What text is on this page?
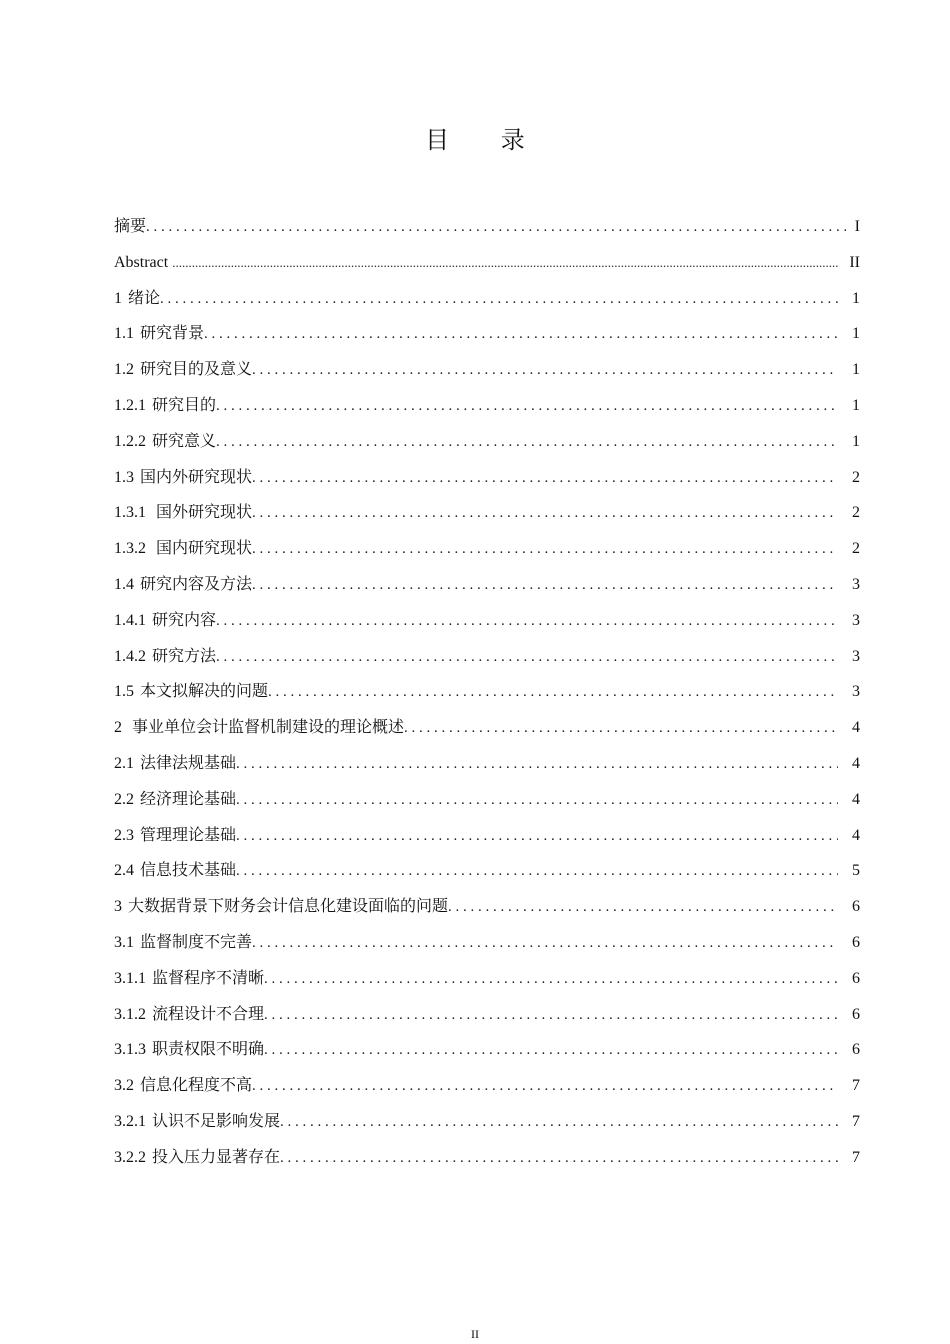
目 录
摘要 . . .	I
Abstract .....	II
1 绪论 . . .	1
1.1 研究背景 . . .	1
1.2 研究目的及意义 . . .	1
1.2.1 研究目的 . . .	1
1.2.2 研究意义 . . .	1
1.3 国内外研究现状 . . .	2
1.3.1 国外研究现状 . . .	2
1.3.2 国内研究现状 . . .	2
1.4 研究内容及方法 . . .	3
1.4.1 研究内容 . . .	3
1.4.2 研究方法 . . .	3
1.5 本文拟解决的问题 . . .	3
2 事业单位会计监督机制建设的理论概述 . . .	4
2.1 法律法规基础 . . .	4
2.2 经济理论基础 . . .	4
2.3 管理理论基础 . . .	4
2.4 信息技术基础 . . .	5
3 大数据背景下财务会计信息化建设面临的问题 . . .	6
3.1 监督制度不完善 . . .	6
3.1.1 监督程序不清晰 . . .	6
3.1.2 流程设计不合理 . . .	6
3.1.3 职责权限不明确 . . .	6
3.2 信息化程度不高 . . .	7
3.2.1 认识不足影响发展 . . .	7
3.2.2 投入压力显著存在 . . .	7
II
